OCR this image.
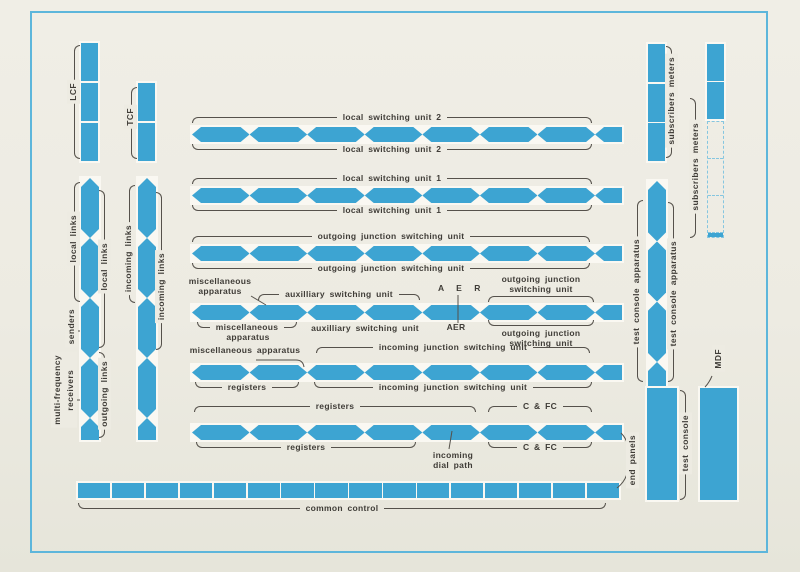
LCF
TCF
local links
senders
multi-frequency receivers
local links
outgoing links
incoming links	incoming links
local switching unit 2
local switching unit 2
local switching unit 1
local switching unit 1
outgoing junction switching unit
outgoing junction switching unit
miscellaneous
apparatus	auxilliary switching unit
A E R
outgoing junction
switching unit
miscellaneous
apparatus
auxilliary switching unit	AER
outgoing junction
switching unit
miscellaneous apparatus	incoming junction switching unit
registers	incoming junction switching unit
registers	C & FC
registers
incoming
dial path
C & FC
common control
subscribers meters
subscribers meters
test console apparatus	test console apparatus
test console
MDF
end panels
